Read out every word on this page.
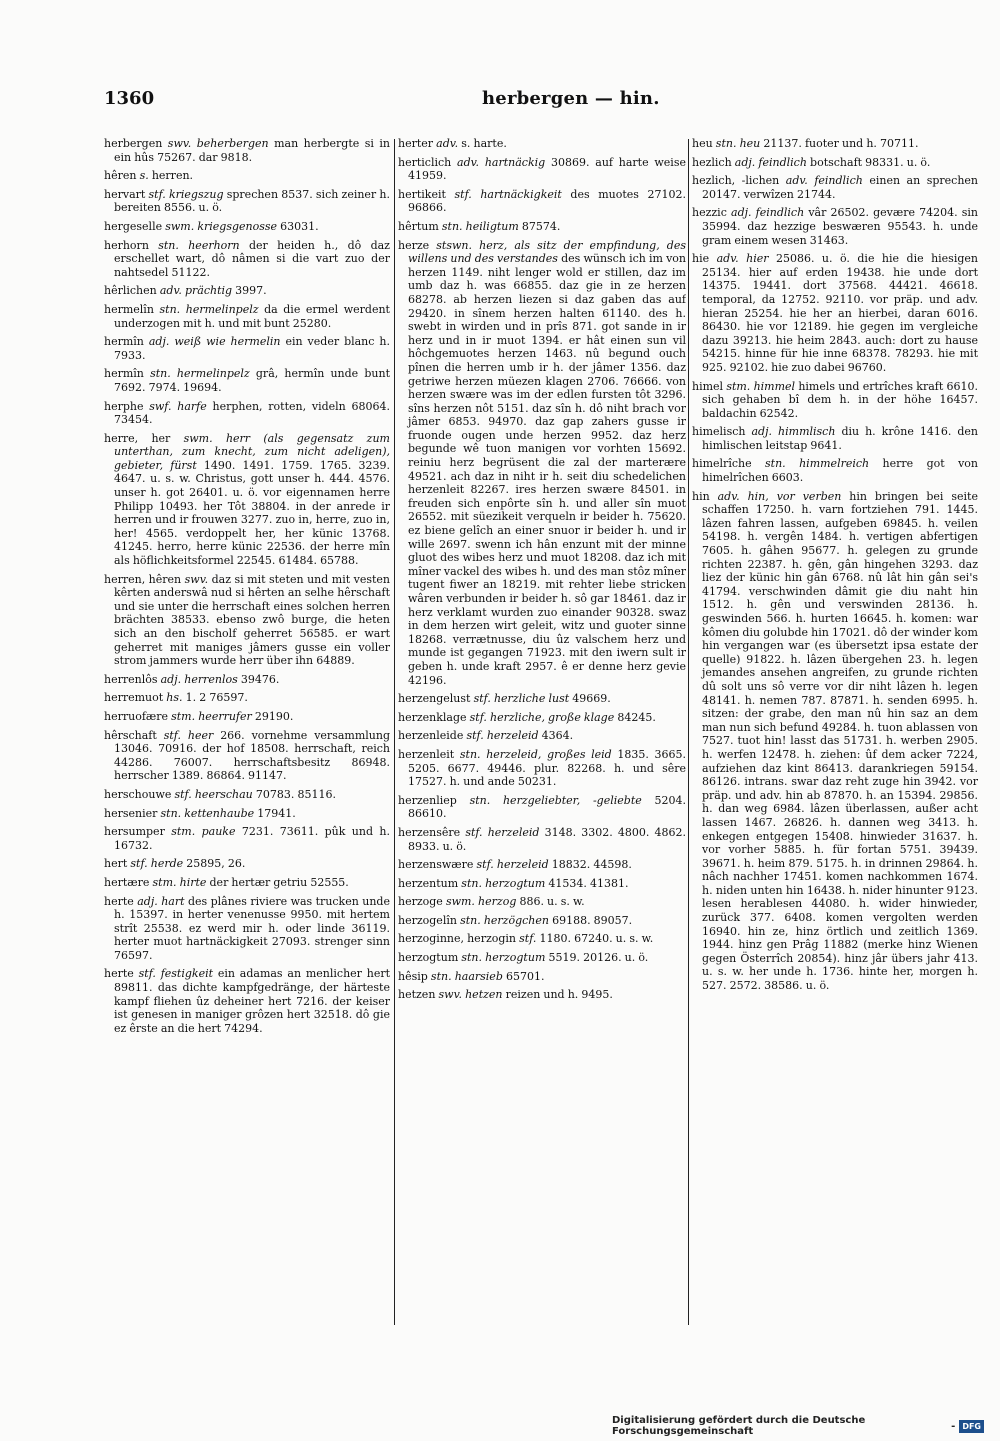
1360	herbergen — hin.

herbergen swv. beherbergen man herbergte si in ein hûs 75267. dar 9818.

hêren s. herren.

hervart stf. kriegszug sprechen 8537. sich zeiner h. bereiten 8556. u. ö.

hergeselle swm. kriegsgenosse 63031.

herhorn stn. heerhorn der heiden h., dô daz erschellet wart, dô nâmen si die vart zuo der nahtsedel 51122.

hêrlichen adv. prächtig 3997.

hermelîn stn. hermelinpelz da die ermel werdent underzogen mit h. und mit bunt 25280.

hermîn adj. weiß wie hermelin ein veder blanc h. 7933.

hermîn stn. hermelinpelz grâ, hermîn unde bunt 7692. 7974. 19694.

herphe swf. harfe herphen, rotten, videln 68064. 73454.

herre, her swm. herr (als gegensatz zum unterthan, zum knecht, zum nicht adeligen), gebieter, fürst 1490. 1491. 1759. 1765. 3239. 4647. u. s. w. Christus, gott unser h. 444. 4576. unser h. got 26401. u. ö. vor eigennamen herre Philipp 10493. her Tôt 38804. in der anrede ir herren und ir frouwen 3277. zuo in, herre, zuo in, her! 4565. verdoppelt her, her künic 13768. 41245. herro, herre künic 22536. der herre mîn als höflichkeitsformel 22545. 61484. 65788.

herren, hêren swv. daz si mit steten und mit vesten kêrten anderswâ nud si hêrten an selhe hêrschaft und sie unter die herrschaft eines solchen herren brächten 38533. ebenso zwô burge, die heten sich an den bischolf geherret 56585. er wart geherret mit maniges jâmers gusse ein voller strom jammers wurde herr über ihn 64889.

herrenlôs adj. herrenlos 39476.

herremuot hs. 1. 2 76597.

herruofære stm. heerrufer 29190.

hêrschaft stf. heer 266. vornehme versammlung 13046. 70916. der hof 18508. herrschaft, reich 44286. 76007. herrschaftsbesitz 86948. herrscher 1389. 86864. 91147.

herschouwe stf. heerschau 70783. 85116.

hersenier stn. kettenhaube 17941.

hersumper stm. pauke 7231. 73611. pûk und h. 16732.

hert stf. herde 25895, 26.

hertære stm. hirte der hertær getriu 52555.

herte adj. hart des plânes riviere was trucken unde h. 15397. in herter venenusse 9950. mit hertem strît 25538. ez werd mir h. oder linde 36119. herter muot hartnäckigkeit 27093. strenger sinn 76597.

herte stf. festigkeit ein adamas an menlicher hert 89811. das dichte kampfgedränge, der härteste kampf fliehen ûz deheiner hert 7216. der keiser ist genesen in maniger grôzen hert 32518. dô gie ez êrste an die hert 74294.

herter adv. s. harte.

herticlich adv. hartnäckig 30869. auf harte weise 41959.

hertikeit stf. hartnäckigkeit des muotes 27102. 96866.

hêrtum stn. heiligtum 87574.

herze stswn. herz, als sitz der empfindung, des willens und des verstandes des wünsch ich im von herzen 1149. niht lenger wold er stillen, daz im umb daz h. was 66855. daz gie in ze herzen 68278. ab herzen liezen si daz gaben das auf 29420. in sînem herzen halten 61140. des h. swebt in wirden und in prîs 871. got sande in ir herz und in ir muot 1394. er hât einen sun vil hôchgemuotes herzen 1463. nû begund ouch pînen die herren umb ir h. der jâmer 1356. daz getriwe herzen müezen klagen 2706. 76666. von herzen swære was im der edlen fursten tôt 3296. sîns herzen nôt 5151. daz sîn h. dô niht brach vor jâmer 6853. 94970. daz gap zahers gusse ir fruonde ougen unde herzen 9952. daz herz begunde wê tuon manigen vor vorhten 15692. reiniu herz begrüsent die zal der marterære 49521. ach daz in niht ir h. seit diu schedelichen herzenleit 82267. ires herzen swære 84501. in freuden sich enpôrte sîn h. und aller sîn muot 26552. mit süezikeit verqueln ir beider h. 75620. ez biene gelîch an einer snuor ir beider h. und ir wille 2697. swenn ich hân enzunt mit der minne gluot des wibes herz und muot 18208. daz ich mit mîner vackel des wibes h. und des man stôz mîner tugent fiwer an 18219. mit rehter liebe stricken wâren verbunden ir beider h. sô gar 18461. daz ir herz verklamt wurden zuo einander 90328. swaz in dem herzen wirt geleit, witz und guoter sinne 18268. verrætnusse, diu ûz valschem herz und munde ist gegangen 71923. mit den iwern sult ir geben h. unde kraft 2957. ê er denne herz gevie 42196.

herzengelust stf. herzliche lust 49669.

herzenklage stf. herzliche, große klage 84245.

herzenleide stf. herzeleid 4364.

herzenleit stn. herzeleid, großes leid 1835. 3665. 5205. 6677. 49446. plur. 82268. h. und sêre 17527. h. und ande 50231.

herzenliep stn. herzgeliebter, -geliebte 5204. 86610.

herzensêre stf. herzeleid 3148. 3302. 4800. 4862. 8933. u. ö.

herzenswære stf. herzeleid 18832. 44598.

herzentum stn. herzogtum 41534. 41381.

herzoge swm. herzog 886. u. s. w.

herzogelîn stn. herzögchen 69188. 89057.

herzoginne, herzogin stf. 1180. 67240. u. s. w.

herzogtum stn. herzogtum 5519. 20126. u. ö.

hêsip stn. haarsieb 65701.

hetzen swv. hetzen reizen und h. 9495.

heu stn. heu 21137. fuoter und h. 70711.

hezlich adj. feindlich botschaft 98331. u. ö.

hezlich, -lichen adv. feindlich einen an sprechen 20147. verwîzen 21744.

hezzic adj. feindlich vâr 26502. gevære 74204. sin 35994. daz hezzige beswæren 95543. h. unde gram einem wesen 31463.

hie adv. hier 25086. u. ö. die hie die hiesigen 25134. hier auf erden 19438. hie unde dort 14375. 19441. dort 37568. 44421. 46618. temporal, da 12752. 92110. vor präp. und adv. hieran 25254. hie her an hierbei, daran 6016. 86430. hie vor 12189. hie gegen im vergleiche dazu 39213. hie heim 2843. auch: dort zu hause 54215. hinne für hie inne 68378. 78293. hie mit 925. 92102. hie zuo dabei 96760.

himel stm. himmel himels und ertrîches kraft 6610. sich gehaben bî dem h. in der höhe 16457. baldachin 62542.

himelisch adj. himmlisch diu h. krône 1416. den himlischen leitstap 9641.

himelrîche stn. himmelreich herre got von himelrîchen 6603.

hin adv. hin, vor verben hin bringen bei seite schaffen 17250. h. varn fortziehen 791. 1445. lâzen fahren lassen, aufgeben 69845. h. veilen 54198. h. vergên 1484. h. vertigen abfertigen 7605. h. gâhen 95677. h. gelegen zu grunde richten 22387. h. gên, gân hingehen 3293. daz liez der künic hin gân 6768. nû lât hin gân sei's 41794. verschwinden dâmit gie diu naht hin 1512. h. gên und verswinden 28136. h. geswinden 566. h. hurten 16645. h. komen: war kômen diu golubde hin 17021. dô der winder kom hin vergangen war (es übersetzt ipsa estate der quelle) 91822. h. lâzen übergehen 23. h. legen jemandes ansehen angreifen, zu grunde richten dû solt uns sô verre vor dir niht lâzen h. legen 48141. h. nemen 787. 87871. h. senden 6995. h. sitzen: der grabe, den man nû hin saz an dem man nun sich befund 49284. h. tuon ablassen von 7527. tuot hin! lasst das 51731. h. werben 2905. h. werfen 12478. h. ziehen: ûf dem acker 7224, aufziehen daz kint 86413. darankriegen 59154. 86126. intrans. swar daz reht zuge hin 3942. vor präp. und adv. hin ab 87870. h. an 15394. 29856. h. dan weg 6984. lâzen überlassen, außer acht lassen 1467. 26826. h. dannen weg 3413. h. enkegen entgegen 15408. hinwieder 31637. h. vor vorher 5885. h. für fortan 5751. 39439. 39671. h. heim 879. 5175. h. in drinnen 29864. h. nâch nachher 17451. komen nachkommen 1674. h. niden unten hin 16438. h. nider hinunter 9123. lesen herablesen 44080. h. wider hinwieder, zurück 377. 6408. komen vergolten werden 16940. hin ze, hinz örtlich und zeitlich 1369. 1944. hinz gen Prâg 11882 (merke hinz Wienen gegen Österrîch 20854). hinz jâr übers jahr 413. u. s. w. her unde h. 1736. hinte her, morgen h. 527. 2572. 38586. u. ö.

Digitalisierung gefördert durch die Deutsche Forschungsgemeinschaft	- DFG
